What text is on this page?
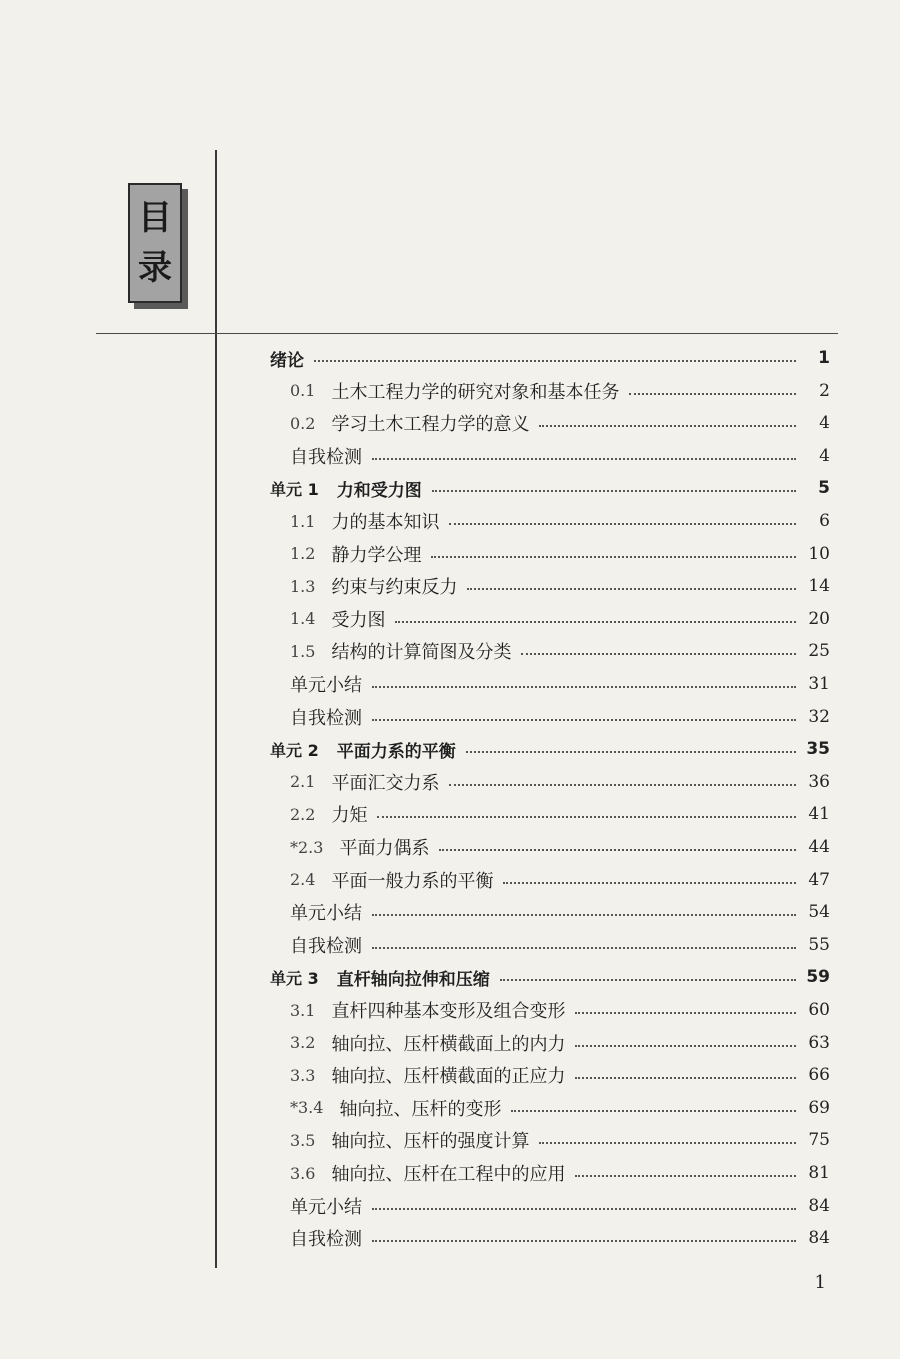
目
录
绪论	1
0.1 土木工程力学的研究对象和基本任务	2
0.2 学习土木工程力学的意义	4
自我检测	4
单元 1 力和受力图	5
1.1 力的基本知识	6
1.2 静力学公理	10
1.3 约束与约束反力	14
1.4 受力图	20
1.5 结构的计算简图及分类	25
单元小结	31
自我检测	32
单元 2 平面力系的平衡	35
2.1 平面汇交力系	36
2.2 力矩	41
*2.3 平面力偶系	44
2.4 平面一般力系的平衡	47
单元小结	54
自我检测	55
单元 3 直杆轴向拉伸和压缩	59
3.1 直杆四种基本变形及组合变形	60
3.2 轴向拉、压杆横截面上的内力	63
3.3 轴向拉、压杆横截面的正应力	66
*3.4 轴向拉、压杆的变形	69
3.5 轴向拉、压杆的强度计算	75
3.6 轴向拉、压杆在工程中的应用	81
单元小结	84
自我检测	84
1
